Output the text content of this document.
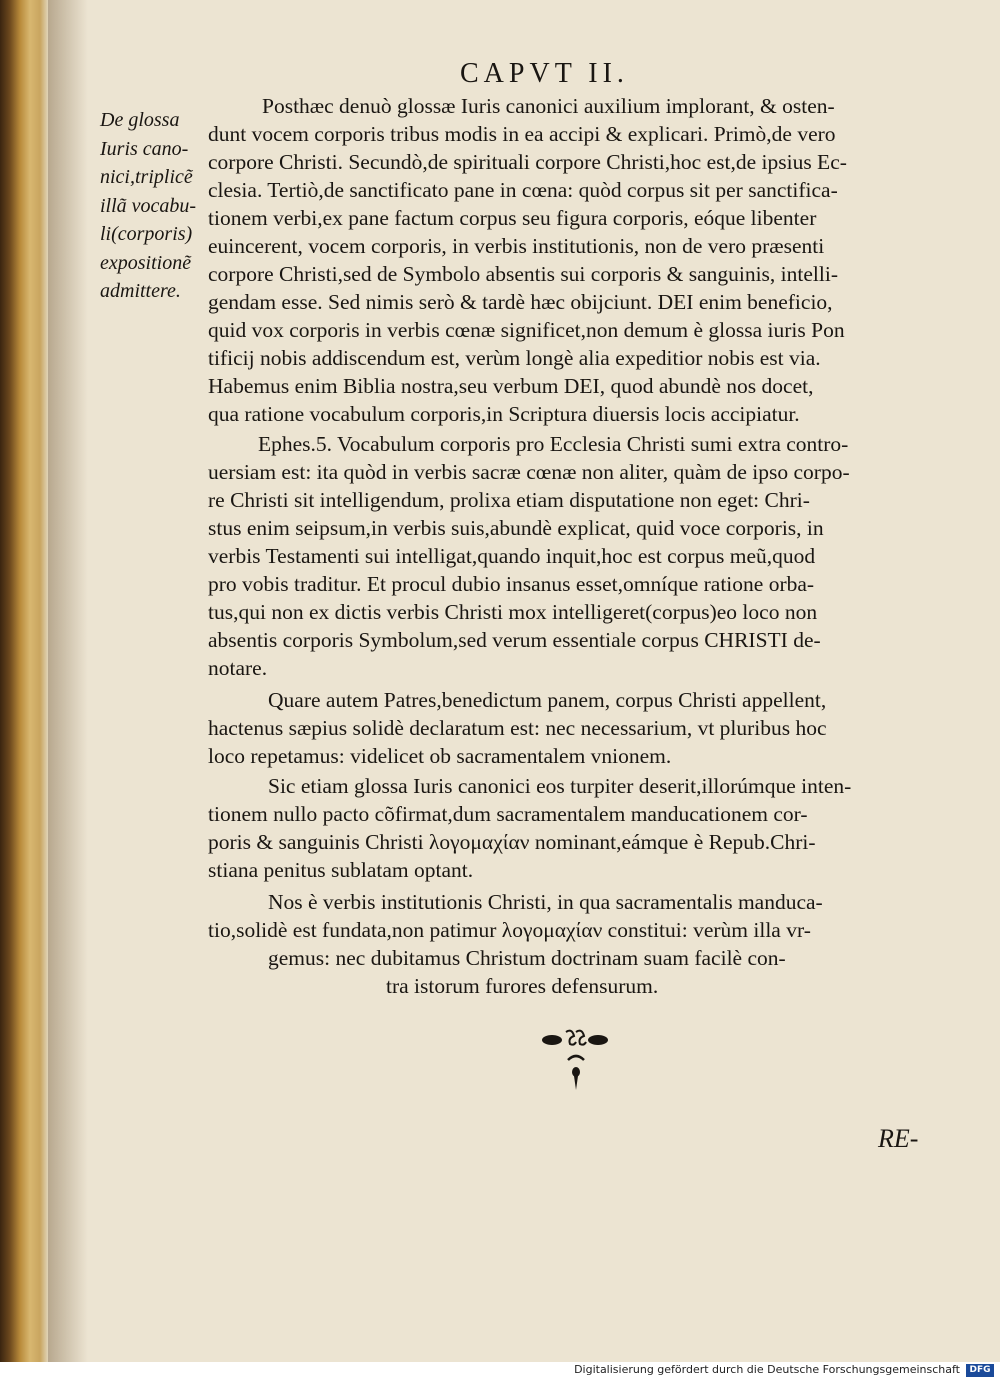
CAPVT II.
De glossa
Iuris cano-
nici,triplicẽ
illã vocabu-
li(corporis)
expositionẽ
admittere.
Posthæc denuò glossæ Iuris canonici auxilium implorant, & osten-
dunt vocem corporis tribus modis in ea accipi & explicari. Primò,de vero
corpore Christi. Secundò,de spirituali corpore Christi,hoc est,de ipsius Ec-
clesia. Tertiò,de sanctificato pane in cœna: quòd corpus sit per sanctifica-
tionem verbi,ex pane factum corpus seu figura corporis, eóque libenter
euincerent, vocem corporis, in verbis institutionis, non de vero præsenti
corpore Christi,sed de Symbolo absentis sui corporis & sanguinis, intelli-
gendam esse. Sed nimis serò & tardè hæc obijciunt. DEI enim beneficio,
quid vox corporis in verbis cœnæ significet,non demum è glossa iuris Pon
tificij nobis addiscendum est, verùm longè alia expeditior nobis est via.
Habemus enim Biblia nostra,seu verbum DEI, quod abundè nos docet,
qua ratione vocabulum corporis,in Scriptura diuersis locis accipiatur.
Ephes.5. Vocabulum corporis pro Ecclesia Christi sumi extra contro-
uersiam est: ita quòd in verbis sacræ cœnæ non aliter, quàm de ipso corpo-
re Christi sit intelligendum, prolixa etiam disputatione non eget: Chri-
stus enim seipsum,in verbis suis,abundè explicat, quid voce corporis, in
verbis Testamenti sui intelligat,quando inquit,hoc est corpus meũ,quod
pro vobis traditur. Et procul dubio insanus esset,omníque ratione orba-
tus,qui non ex dictis verbis Christi mox intelligeret(corpus)eo loco non
absentis corporis Symbolum,sed verum essentiale corpus CHRISTI de-
notare.
Quare autem Patres,benedictum panem, corpus Christi appellent,
hactenus sæpius solidè declaratum est: nec necessarium, vt pluribus hoc
loco repetamus: videlicet ob sacramentalem vnionem.
Sic etiam glossa Iuris canonici eos turpiter deserit,illorúmque inten-
tionem nullo pacto cõfirmat,dum sacramentalem manducationem cor-
poris & sanguinis Christi λογομαχίαν nominant,eámque è Repub.Chri-
stiana penitus sublatam optant.
Nos è verbis institutionis Christi, in qua sacramentalis manduca-
tio,solidè est fundata,non patimur λογομαχίαν constitui: verùm illa vr-
gemus: nec dubitamus Christum doctrinam suam facilè con-
tra istorum furores defensurum.
RE-
Digitalisierung gefördert durch die Deutsche Forschungsgemeinschaft	DFG
